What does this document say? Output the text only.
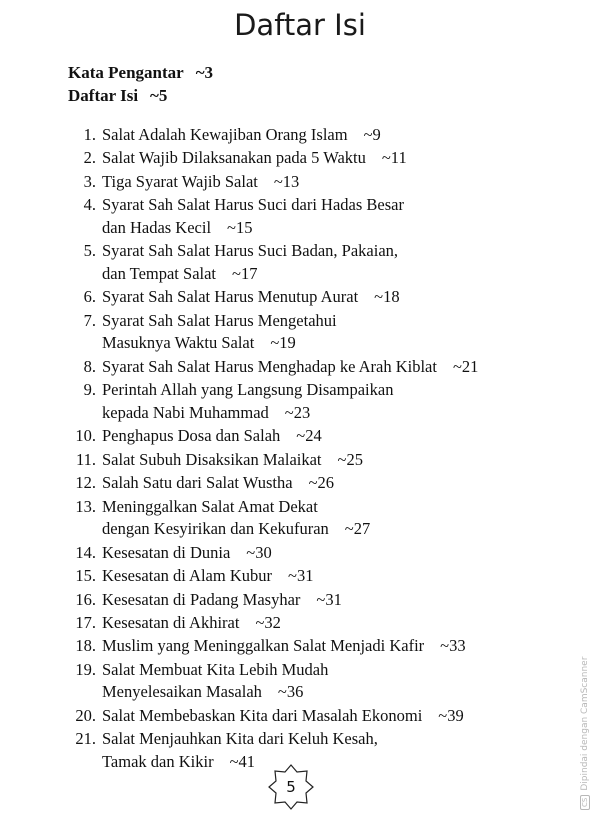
Daftar Isi
Kata Pengantar ~3
Daftar Isi ~5
1. Salat Adalah Kewajiban Orang Islam ~9
2. Salat Wajib Dilaksanakan pada 5 Waktu ~11
3. Tiga Syarat Wajib Salat ~13
4. Syarat Sah Salat Harus Suci dari Hadas Besar
dan Hadas Kecil ~15
5. Syarat Sah Salat Harus Suci Badan, Pakaian,
dan Tempat Salat ~17
6. Syarat Sah Salat Harus Menutup Aurat ~18
7. Syarat Sah Salat Harus Mengetahui
Masuknya Waktu Salat ~19
8. Syarat Sah Salat Harus Menghadap ke Arah Kiblat ~21
9. Perintah Allah yang Langsung Disampaikan
kepada Nabi Muhammad ~23
10. Penghapus Dosa dan Salah ~24
11. Salat Subuh Disaksikan Malaikat ~25
12. Salah Satu dari Salat Wustha ~26
13. Meninggalkan Salat Amat Dekat
dengan Kesyirikan dan Kekufuran ~27
14. Kesesatan di Dunia ~30
15. Kesesatan di Alam Kubur ~31
16. Kesesatan di Padang Masyhar ~31
17. Kesesatan di Akhirat ~32
18. Muslim yang Meninggalkan Salat Menjadi Kafir ~33
19. Salat Membuat Kita Lebih Mudah
Menyelesaikan Masalah ~36
20. Salat Membebaskan Kita dari Masalah Ekonomi ~39
21. Salat Menjauhkan Kita dari Keluh Kesah,
Tamak dan Kikir ~41
5
CSDipindai dengan CamScanner
